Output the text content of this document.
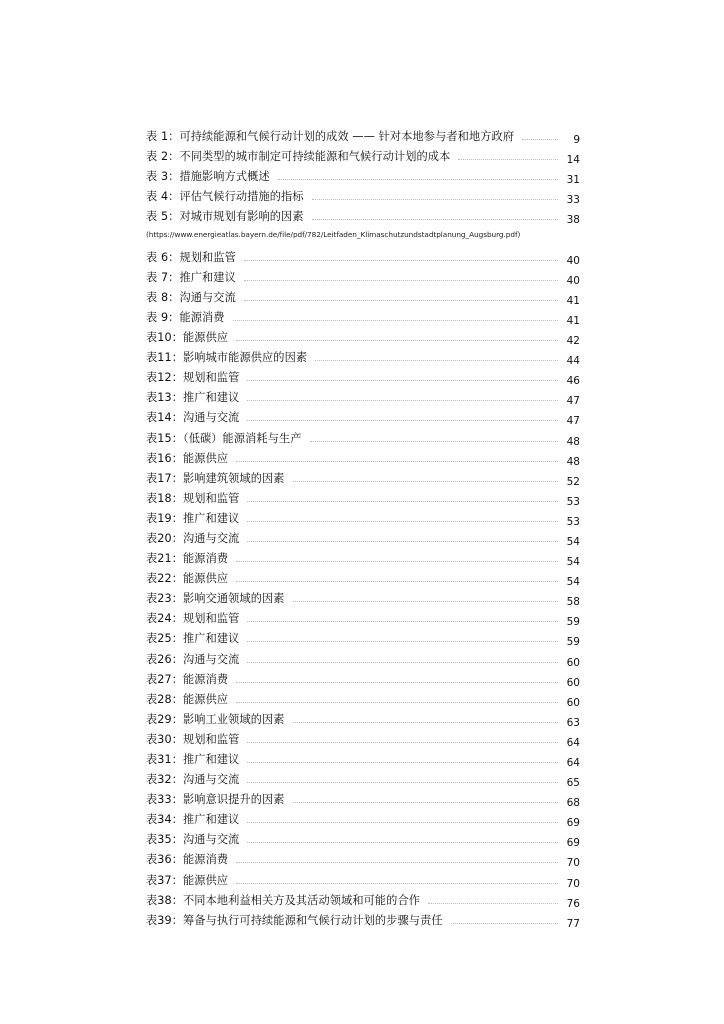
表 1：可持续能源和气候行动计划的成效 —— 针对本地参与者和地方政府	9
表 2：不同类型的城市制定可持续能源和气候行动计划的成本	14
表 3：措施影响方式概述	31
表 4：评估气候行动措施的指标	33
表 5：对城市规划有影响的因素	38
(https://www.energieatlas.bayern.de/file/pdf/782/Leitfaden_Klimaschutzundstadtplanung_Augsburg.pdf)
表 6：规划和监管	40
表 7：推广和建议	40
表 8：沟通与交流	41
表 9：能源消费	41
表10：能源供应	42
表11：影响城市能源供应的因素	44
表12：规划和监管	46
表13：推广和建议	47
表14：沟通与交流	47
表15：（低碳）能源消耗与生产	48
表16：能源供应	48
表17：影响建筑领域的因素	52
表18：规划和监管	53
表19：推广和建议	53
表20：沟通与交流	54
表21：能源消费	54
表22：能源供应	54
表23：影响交通领域的因素	58
表24：规划和监管	59
表25：推广和建议	59
表26：沟通与交流	60
表27：能源消费	60
表28：能源供应	60
表29：影响工业领域的因素	63
表30：规划和监管	64
表31：推广和建议	64
表32：沟通与交流	65
表33：影响意识提升的因素	68
表34：推广和建议	69
表35：沟通与交流	69
表36：能源消费	70
表37：能源供应	70
表38：不同本地利益相关方及其活动领域和可能的合作	76
表39：筹备与执行可持续能源和气候行动计划的步骤与责任	77
